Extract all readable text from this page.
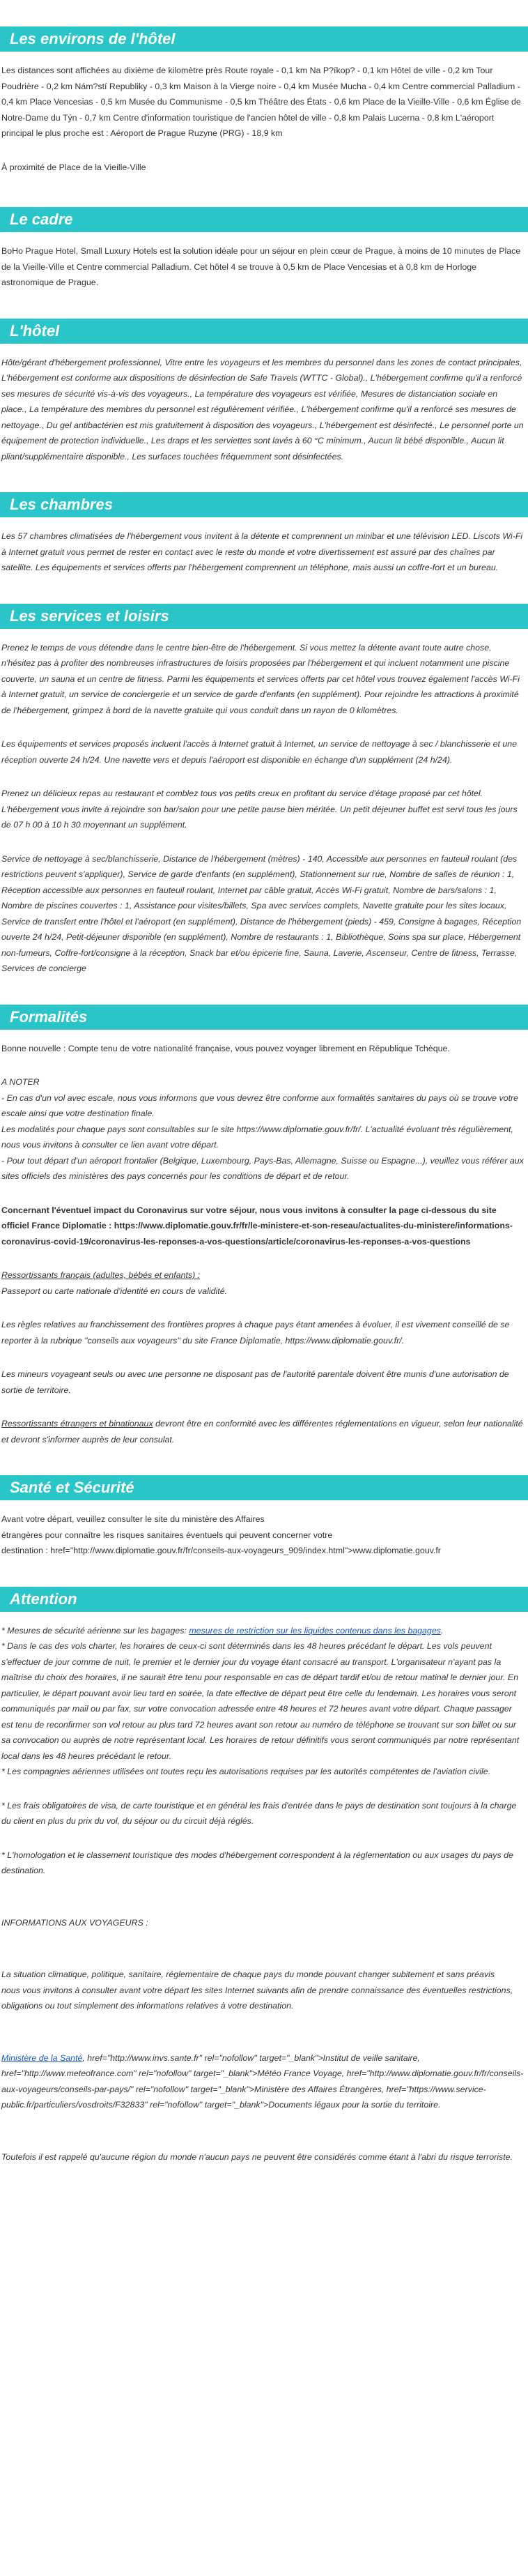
Les environs de l'hôtel

Les distances sont affichées au dixième de kilomètre près Route royale - 0,1 km Na P?íkop? - 0,1 km Hôtel de ville - 0,2 km Tour Poudrière - 0,2 km Nám?stí Republiky - 0,3 km Maison à la Vierge noire - 0,4 km Musée Mucha - 0,4 km Centre commercial Palladium - 0,4 km Place Vencesias - 0,5 km Musée du Communisme - 0,5 km Théâtre des États - 0,6 km Place de la Vieille-Ville - 0,6 km Église de Notre-Dame du Týn - 0,7 km Centre d'information touristique de l'ancien hôtel de ville - 0,8 km Palais Lucerna - 0,8 km L'aéroport principal le plus proche est : Aéroport de Prague Ruzyne (PRG) - 18,9 km

À proximité de Place de la Vieille-Ville

Le cadre

BoHo Prague Hotel, Small Luxury Hotels est la solution idéale pour un séjour en plein cœur de Prague, à moins de 10 minutes de Place de la Vieille-Ville et Centre commercial Palladium. Cet hôtel 4 se trouve à 0,5 km de Place Vencesias et à 0,8 km de Horloge astronomique de Prague.

L'hôtel

Hôte/gérant d'hébergement professionnel, Vitre entre les voyageurs et les membres du personnel dans les zones de contact principales, L'hébergement est conforme aux dispositions de désinfection de Safe Travels (WTTC - Global)., L'hébergement confirme qu'il a renforcé ses mesures de sécurité vis-à-vis des voyageurs., La température des voyageurs est vérifiée, Mesures de distanciation sociale en place., La température des membres du personnel est régulièrement vérifiée., L'hébergement confirme qu'il a renforcé ses mesures de nettoyage., Du gel antibactérien est mis gratuitement à disposition des voyageurs., L'hébergement est désinfecté., Le personnel porte un équipement de protection individuelle., Les draps et les serviettes sont lavés à 60 °C minimum., Aucun lit bébé disponible., Aucun lit pliant/supplémentaire disponible., Les surfaces touchées fréquemment sont désinfectées.

Les chambres

Les 57 chambres climatisées de l'hébergement vous invitent à la détente et comprennent un minibar et une télévision LED. Liscots Wi-Fi à Internet gratuit vous permet de rester en contact avec le reste du monde et votre divertissement est assuré par des chaînes par satellite. Les équipements et services offerts par l'hébergement comprennent un téléphone, mais aussi un coffre-fort et un bureau.

Les services et loisirs

Prenez le temps de vous détendre dans le centre bien-être de l'hébergement. Si vous mettez la détente avant toute autre chose, n'hésitez pas à profiter des nombreuses infrastructures de loisirs proposées par l'hébergement et qui incluent notamment une piscine couverte, un sauna et un centre de fitness. Parmi les équipements et services offerts par cet hôtel vous trouvez également l'accès Wi-Fi à Internet gratuit, un service de conciergerie et un service de garde d'enfants (en supplément). Pour rejoindre les attractions à proximité de l'hébergement, grimpez à bord de la navette gratuite qui vous conduit dans un rayon de 0 kilomètres.

Les équipements et services proposés incluent l'accès à Internet gratuit à Internet, un service de nettoyage à sec / blanchisserie et une réception ouverte 24 h/24. Une navette vers et depuis l'aéroport est disponible en échange d'un supplément (24 h/24).

Prenez un délicieux repas au restaurant et comblez tous vos petits creux en profitant du service d'étage proposé par cet hôtel. L'hébergement vous invite à rejoindre son bar/salon pour une petite pause bien méritée. Un petit déjeuner buffet est servi tous les jours de 07 h 00 à 10 h 30 moyennant un supplément.

Service de nettoyage à sec/blanchisserie, Distance de l'hébergement (mètres) - 140, Accessible aux personnes en fauteuil roulant (des restrictions peuvent s'appliquer), Service de garde d'enfants (en supplément), Stationnement sur rue, Nombre de salles de réunion : 1, Réception accessible aux personnes en fauteuil roulant, Internet par câble gratuit, Accès Wi-Fi gratuit, Nombre de bars/salons : 1, Nombre de piscines couvertes : 1, Assistance pour visites/billets, Spa avec services complets, Navette gratuite pour les sites locaux, Service de transfert entre l'hôtel et l'aéroport (en supplément), Distance de l'hébergement (pieds) - 459, Consigne à bagages, Réception ouverte 24 h/24, Petit-déjeuner disponible (en supplément), Nombre de restaurants : 1, Bibliothèque, Soins spa sur place, Hébergement non-fumeurs, Coffre-fort/consigne à la réception, Snack bar et/ou épicerie fine, Sauna, Laverie, Ascenseur, Centre de fitness, Terrasse, Services de concierge

Formalités

Bonne nouvelle : Compte tenu de votre nationalité française, vous pouvez voyager librement en République Tchèque.

A NOTER
- En cas d'un vol avec escale, nous vous informons que vous devrez être conforme aux formalités sanitaires du pays où se trouve votre escale ainsi que votre destination finale.
Les modalités pour chaque pays sont consultables sur le site https://www.diplomatie.gouv.fr/fr/. L'actualité évoluant très régulièrement, nous vous invitons à consulter ce lien avant votre départ.
- Pour tout départ d'un aéroport frontalier (Belgique, Luxembourg, Pays-Bas, Allemagne, Suisse ou Espagne...), veuillez vous référer aux sites officiels des ministères des pays concernés pour les conditions de départ et de retour.

Concernant l'éventuel impact du Coronavirus sur votre séjour, nous vous invitons à consulter la page ci-dessous du site officiel France Diplomatie : https://www.diplomatie.gouv.fr/fr/le-ministere-et-son-reseau/actualites-du-ministere/informations-coronavirus-covid-19/coronavirus-les-reponses-a-vos-questions/article/coronavirus-les-reponses-a-vos-questions

Ressortissants français (adultes, bébés et enfants) :
Passeport ou carte nationale d'identité en cours de validité.

Les règles relatives au franchissement des frontières propres à chaque pays étant amenées à évoluer, il est vivement conseillé de se reporter à la rubrique "conseils aux voyageurs" du site France Diplomatie, https://www.diplomatie.gouv.fr/.

Les mineurs voyageant seuls ou avec une personne ne disposant pas de l'autorité parentale doivent être munis d'une autorisation de sortie de territoire.

Ressortissants étrangers et binationaux devront être en conformité avec les différentes réglementations en vigueur, selon leur nationalité et devront s'informer auprès de leur consulat.

Santé et Sécurité

Avant votre départ, veuillez consulter le site du ministère des Affaires
étrangères pour connaître les risques sanitaires éventuels qui peuvent concerner votre
destination : href="http://www.diplomatie.gouv.fr/fr/conseils-aux-voyageurs_909/index.html">www.diplomatie.gouv.fr

Attention

* Mesures de sécurité aérienne sur les bagages: mesures de restriction sur les liquides contenus dans les bagages.

* Dans le cas des vols charter, les horaires de ceux-ci sont déterminés dans les 48 heures précédant le départ. Les vols peuvent s'effectuer de jour comme de nuit, le premier et le dernier jour du voyage étant consacré au transport. L'organisateur n'ayant pas la maîtrise du choix des horaires, il ne saurait être tenu pour responsable en cas de départ tardif et/ou de retour matinal le dernier jour. En particulier, le départ pouvant avoir lieu tard en soirée, la date effective de départ peut être celle du lendemain. Les horaires vous seront communiqués par mail ou par fax, sur votre convocation adressée entre 48 heures et 72 heures avant votre départ. Chaque passager est tenu de reconfirmer son vol retour au plus tard 72 heures avant son retour au numéro de téléphone se trouvant sur son billet ou sur sa convocation ou auprès de notre représentant local. Les horaires de retour définitifs vous seront communiqués par notre représentant local dans les 48 heures précédant le retour.
* Les compagnies aériennes utilisées ont toutes reçu les autorisations requises par les autorités compétentes de l'aviation civile.

* Les frais obligatoires de visa, de carte touristique et en général les frais d'entrée dans le pays de destination sont toujours à la charge du client en plus du prix du vol, du séjour ou du circuit déjà réglés.

* L'homologation et le classement touristique des modes d'hébergement correspondent à la réglementation ou aux usages du pays de destination.

INFORMATIONS AUX VOYAGEURS :

La situation climatique, politique, sanitaire, réglementaire de chaque pays du monde pouvant changer subitement et sans préavis
nous vous invitons à consulter avant votre départ les sites Internet suivants afin de prendre connaissance des éventuelles restrictions, obligations ou tout simplement des informations relatives à votre destination.

Ministère de la Santé, href="http://www.invs.sante.fr" rel="nofollow" target="_blank">Institut de veille sanitaire, href="http://www.meteofrance.com" rel="nofollow" target="_blank">Météo France Voyage, href="http://www.diplomatie.gouv.fr/fr/conseils-aux-voyageurs/conseils-par-pays/" rel="nofollow" target="_blank">Ministère des Affaires Étrangères, href="https://www.service-public.fr/particuliers/vosdroits/F32833" rel="nofollow" target="_blank">Documents légaux pour la sortie du territoire.

Toutefois il est rappelé qu'aucune région du monde n'aucun pays ne peuvent être considérés comme étant à l'abri du risque terroriste.
